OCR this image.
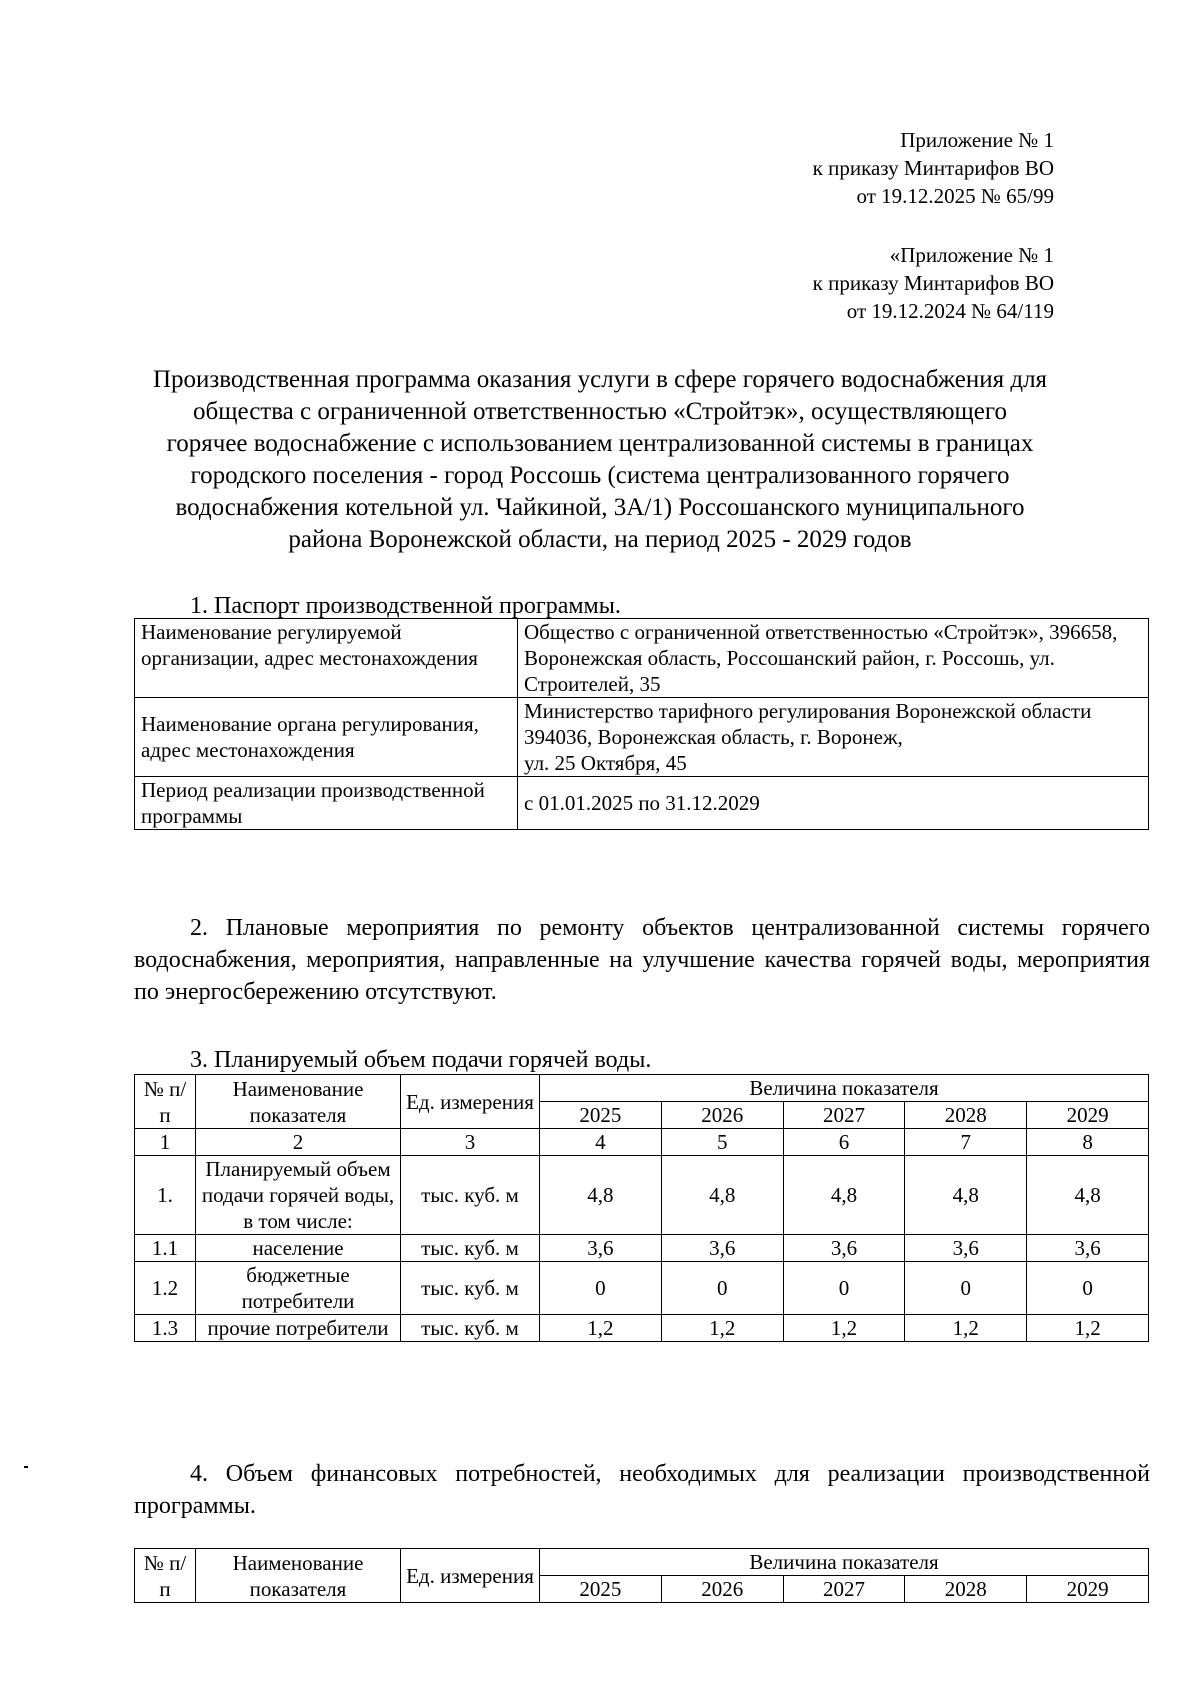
Приложение № 1
к приказу Минтарифов ВО
от 19.12.2025 № 65/99
«Приложение № 1
к приказу Минтарифов ВО
от 19.12.2024 № 64/119
Производственная программа оказания услуги в сфере горячего водоснабжения для
общества с ограниченной ответственностью «Стройтэк», осуществляющего
горячее водоснабжение с использованием централизованной системы в границах
городского поселения - город Россошь (система централизованного горячего
водоснабжения котельной ул. Чайкиной, 3А/1) Россошанского муниципального
района Воронежской области, на период 2025 - 2029 годов
1. Паспорт производственной программы.
Наименование регулируемой организации, адрес местонахождения	Общество с ограниченной ответственностью «Стройтэк», 396658, Воронежская область, Россошанский район, г. Россошь, ул. Строителей, 35
Наименование органа регулирования, адрес местонахождения	Министерство тарифного регулирования Воронежской области
394036, Воронежская область, г. Воронеж,
ул. 25 Октября, 45

Период реализации производственной программы	с 01.01.2025 по 31.12.2029
2. Плановые мероприятия по ремонту объектов централизованной системы горячего водоснабжения, мероприятия, направленные на улучшение качества горячей воды, мероприятия по энергосбережению отсутствуют.
3. Планируемый объем подачи горячей воды.
№ п/п	Наименование показателя	Ед. измерения	Величина показателя				
			2025	2026	2027	2028	2029
1	2	3	4	5	6	7	8
1.	Планируемый объем подачи горячей воды, в том числе:	тыс. куб. м	4,8	4,8	4,8	4,8	4,8
1.1	население	тыс. куб. м	3,6	3,6	3,6	3,6	3,6
1.2	бюджетные потребители	тыс. куб. м	0	0	0	0	0
1.3	прочие потребители	тыс. куб. м	1,2	1,2	1,2	1,2	1,2
4. Объем финансовых потребностей, необходимых для реализации производственной программы.
№ п/п	Наименование показателя	Ед. измерения	Величина показателя				
			2025	2026	2027	2028	2029
